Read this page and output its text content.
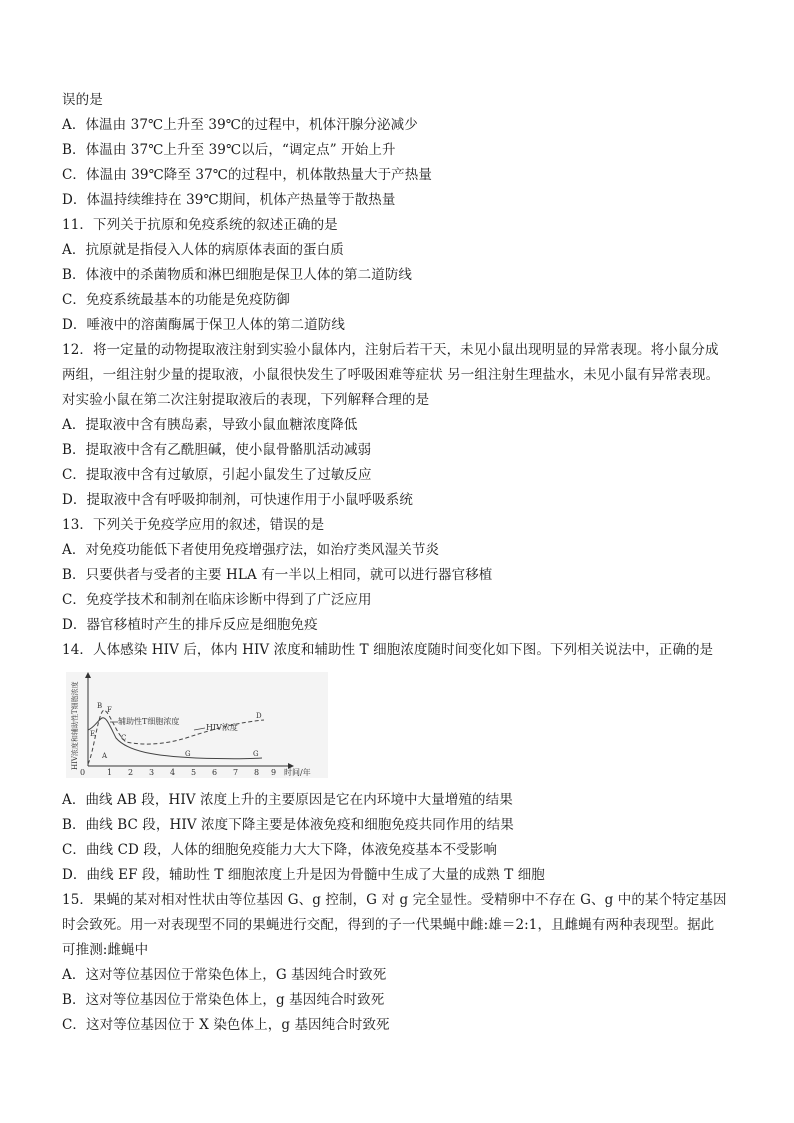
误的是
A．体温由 37℃上升至 39℃的过程中，机体汗腺分泌减少
B．体温由 37℃上升至 39℃以后，“调定点” 开始上升
C．体温由 39℃降至 37℃的过程中，机体散热量大于产热量
D．体温持续维持在 39℃期间，机体产热量等于散热量
11．下列关于抗原和免疫系统的叙述正确的是
A．抗原就是指侵入人体的病原体表面的蛋白质
B．体液中的杀菌物质和淋巴细胞是保卫人体的第二道防线
C．免疫系统最基本的功能是免疫防御
D．唾液中的溶菌酶属于保卫人体的第二道防线
12．将一定量的动物提取液注射到实验小鼠体内，注射后若干天，未见小鼠出现明显的异常表现。将小鼠分成
两组，一组注射少量的提取液，小鼠很快发生了呼吸困难等症状 另一组注射生理盐水，未见小鼠有异常表现。
对实验小鼠在第二次注射提取液后的表现，下列解释合理的是
A．提取液中含有胰岛素，导致小鼠血糖浓度降低
B．提取液中含有乙酰胆碱，使小鼠骨骼肌活动减弱
C．提取液中含有过敏原，引起小鼠发生了过敏反应
D．提取液中含有呼吸抑制剂，可快速作用于小鼠呼吸系统
13．下列关于免疫学应用的叙述，错误的是
A．对免疫功能低下者使用免疫增强疗法，如治疗类风湿关节炎
B．只要供者与受者的主要 HLA 有一半以上相同，就可以进行器官移植
C．免疫学技术和制剂在临床诊断中得到了广泛应用
D．器官移植时产生的排斥反应是细胞免疫
14．人体感染 HIV 后，体内 HIV 浓度和辅助性 T 细胞浓度随时间变化如下图。下列相关说法中，正确的是
HIV浓度和辅助性T细胞浓度
0	1 2 3 4 5 6 7 8 9 时间/年
A
B
C
D
E
F
G	G
辅助性T细胞浓度
HIV浓度
A．曲线 AB 段，HIV 浓度上升的主要原因是它在内环境中大量增殖的结果
B．曲线 BC 段，HIV 浓度下降主要是体液免疫和细胞免疫共同作用的结果
C．曲线 CD 段，人体的细胞免疫能力大大下降，体液免疫基本不受影响
D．曲线 EF 段，辅助性 T 细胞浓度上升是因为骨髓中生成了大量的成熟 T 细胞
15．果蝇的某对相对性状由等位基因 G、g 控制，G 对 g 完全显性。受精卵中不存在 G、g 中的某个特定基因
时会致死。用一对表现型不同的果蝇进行交配，得到的子一代果蝇中雌:雄＝2:1，且雌蝇有两种表现型。据此
可推测:雌蝇中
A．这对等位基因位于常染色体上，G 基因纯合时致死
B．这对等位基因位于常染色体上，g 基因纯合时致死
C．这对等位基因位于 X 染色体上，g 基因纯合时致死
